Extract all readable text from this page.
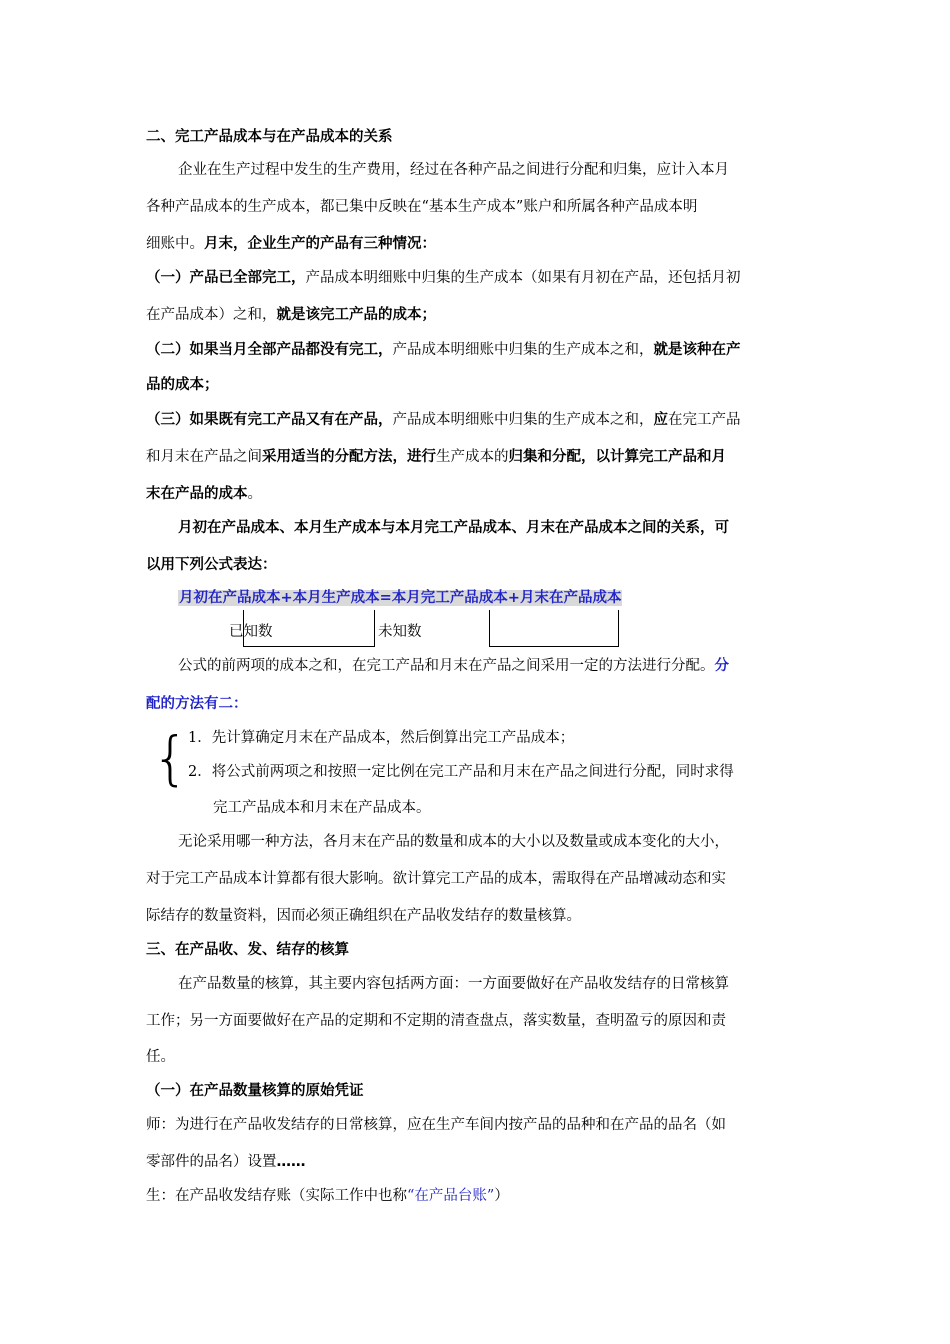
二、完工产品成本与在产品成本的关系
企业在生产过程中发生的生产费用，经过在各种产品之间进行分配和归集，应计入本月
各种产品成本的生产成本，都已集中反映在“基本生产成本”账户和所属各种产品成本明
细账中。月末，企业生产的产品有三种情况：
（一）产品已全部完工，产品成本明细账中归集的生产成本（如果有月初在产品，还包括月初
在产品成本）之和，就是该完工产品的成本；
（二）如果当月全部产品都没有完工，产品成本明细账中归集的生产成本之和，就是该种在产
品的成本；
（三）如果既有完工产品又有在产品，产品成本明细账中归集的生产成本之和，应在完工产品
和月末在产品之间采用适当的分配方法，进行生产成本的归集和分配，以计算完工产品和月
末在产品的成本。
月初在产品成本、本月生产成本与本月完工产品成本、月末在产品成本之间的关系，可
以用下列公式表达：
月初在产品成本+本月生产成本=本月完工产品成本+月末在产品成本
已知数	未知数
公式的前两项的成本之和，在完工产品和月末在产品之间采用一定的方法进行分配。分
配的方法有二：
{ 1．先计算确定月末在产品成本，然后倒算出完工产品成本；
2．将公式前两项之和按照一定比例在完工产品和月末在产品之间进行分配，同时求得
完工产品成本和月末在产品成本。
无论采用哪一种方法，各月末在产品的数量和成本的大小以及数量或成本变化的大小，
对于完工产品成本计算都有很大影响。欲计算完工产品的成本，需取得在产品增减动态和实
际结存的数量资料，因而必须正确组织在产品收发结存的数量核算。
三、在产品收、发、结存的核算
在产品数量的核算，其主要内容包括两方面：一方面要做好在产品收发结存的日常核算
工作；另一方面要做好在产品的定期和不定期的清查盘点，落实数量，查明盈亏的原因和责
任。
（一）在产品数量核算的原始凭证
师：为进行在产品收发结存的日常核算，应在生产车间内按产品的品种和在产品的品名（如
零部件的品名）设置……
生：在产品收发结存账（实际工作中也称“在产品台账”）
